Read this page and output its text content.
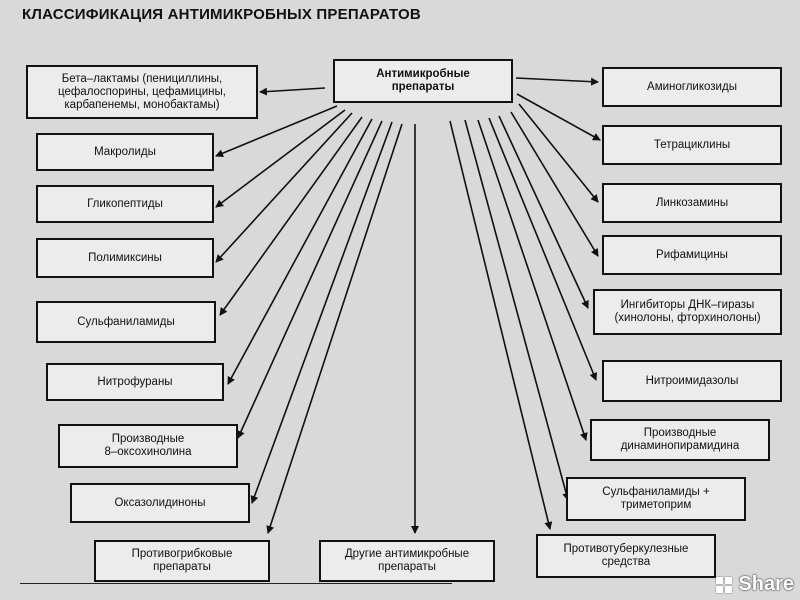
КЛАССИФИКАЦИЯ АНТИМИКРОБНЫХ ПРЕПАРАТОВ
Антимикробные
препараты
Бета–лактамы (пенициллины,
цефалоспорины, цефамицины,
карбапенемы, монобактамы)
Макролиды
Гликопептиды
Полимиксины
Сульфаниламиды
Нитрофураны
Производные
8–оксохинолина
Оксазолидиноны
Противогрибковые
препараты
Другие антимикробные
препараты
Аминогликозиды
Тетрациклины
Линкозамины
Рифамицины
Ингибиторы ДНК–гиразы
(хинолоны, фторхинолоны)
Нитроимидазолы
Производные
динаминопирамидина
Сульфаниламиды +
триметоприм
Противотуберкулезные
средства
Share
